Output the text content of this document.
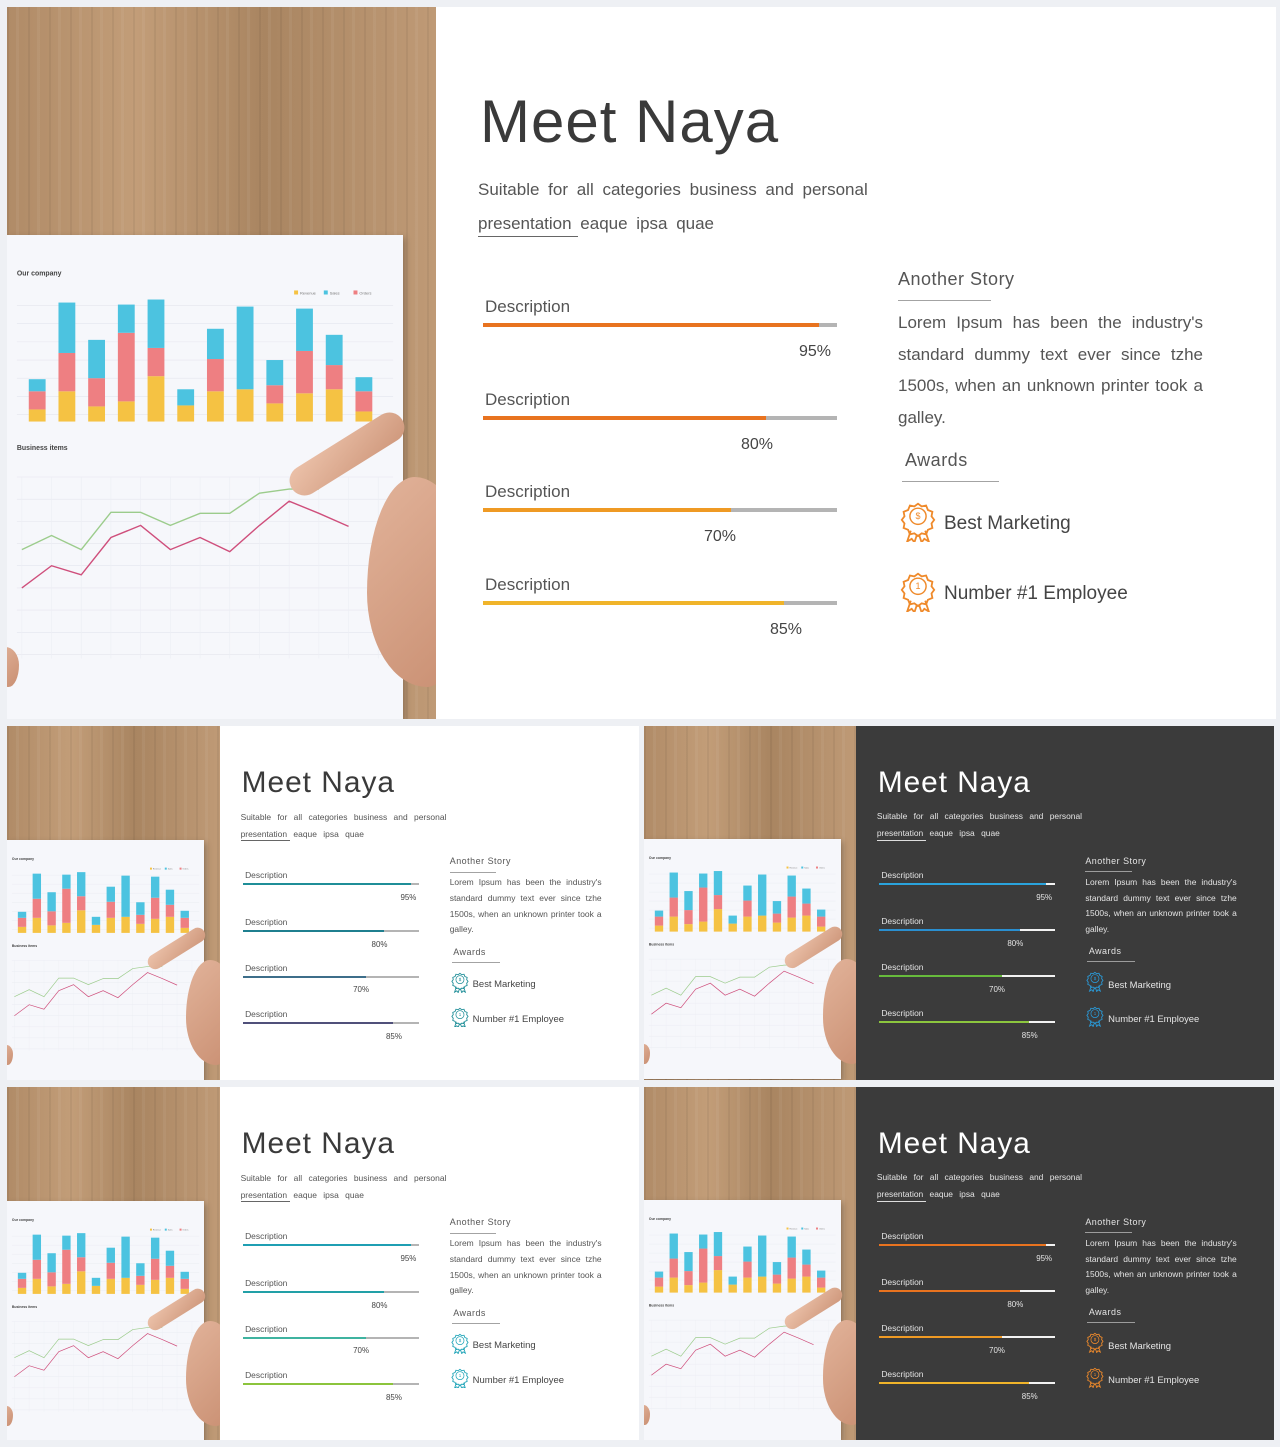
Our company
Business items
Revenue	Sales	Orders
Meet Naya
Suitable for all categories business and personal
presentation eaque ipsa quae
Description
95%
Description
80%
Description
70%
Description
85%
Another Story
Lorem Ipsum has been the industry's standard dummy text ever since tzhe 1500s, when an unknown printer took a galley.
Awards
$ Best Marketing
1 Number #1 Employee
Our company
Business items
Revenue Sales Orders
Meet Naya
Suitable for all categories business and personal
presentation eaque ipsa quae
Description
95%
Description
80%
Description
70%
Description
85%
Another Story
Lorem Ipsum has been the industry's standard dummy text ever since tzhe 1500s, when an unknown printer took a galley.
Awards
$ Best Marketing
1 Number #1 Employee
Our company
Business items
Revenue Sales Orders
Meet Naya
Suitable for all categories business and personal
presentation eaque ipsa quae
Description
95%
Description
80%
Description
70%
Description
85%
Another Story
Lorem Ipsum has been the industry's standard dummy text ever since tzhe 1500s, when an unknown printer took a galley.
Awards
$ Best Marketing
1 Number #1 Employee
Our company
Business items
Revenue Sales Orders
Meet Naya
Suitable for all categories business and personal
presentation eaque ipsa quae
Description
95%
Description
80%
Description
70%
Description
85%
Another Story
Lorem Ipsum has been the industry's standard dummy text ever since tzhe 1500s, when an unknown printer took a galley.
Awards
$ Best Marketing
1 Number #1 Employee
Our company
Business items
Revenue Sales Orders
Meet Naya
Suitable for all categories business and personal
presentation eaque ipsa quae
Description
95%
Description
80%
Description
70%
Description
85%
Another Story
Lorem Ipsum has been the industry's standard dummy text ever since tzhe 1500s, when an unknown printer took a galley.
Awards
$ Best Marketing
1 Number #1 Employee
